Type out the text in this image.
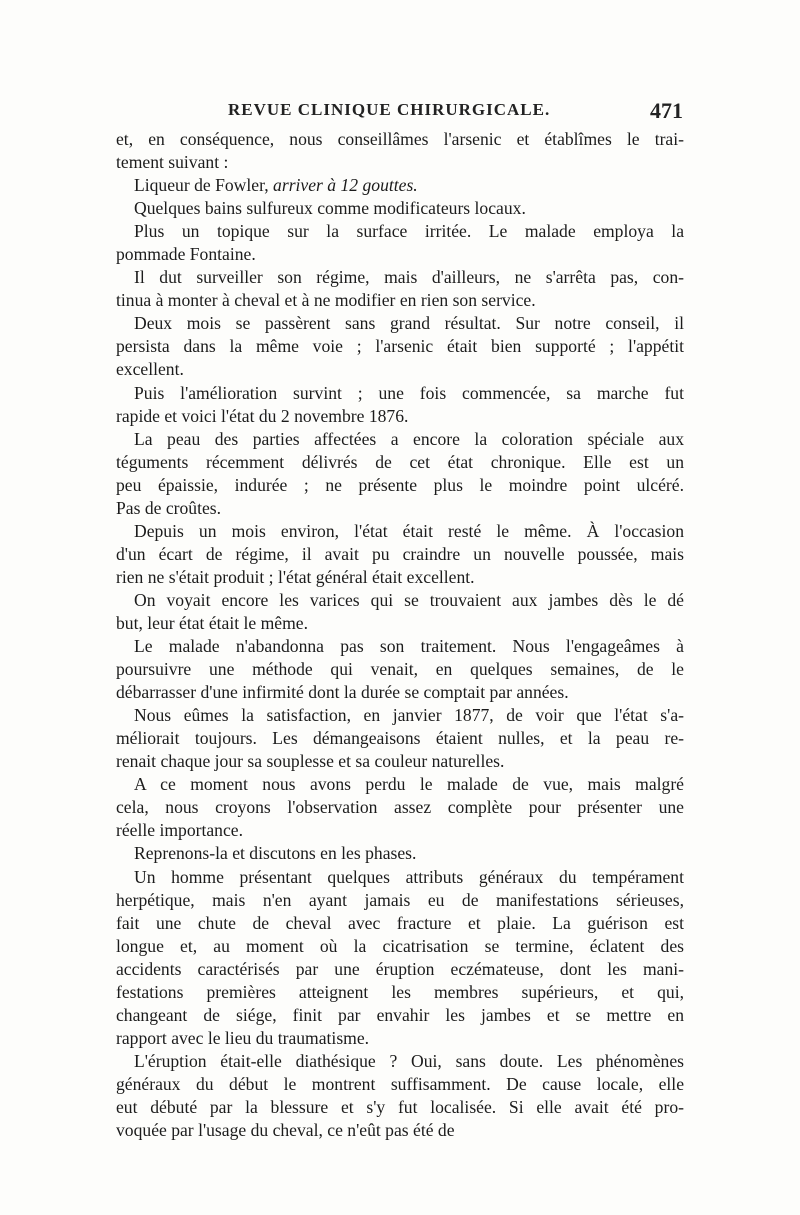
REVUE CLINIQUE CHIRURGICALE.	471
et, en conséquence, nous conseillâmes l'arsenic et établîmes le trai-
tement suivant :
Liqueur de Fowler, arriver à 12 gouttes.
Quelques bains sulfureux comme modificateurs locaux.
Plus un topique sur la surface irritée. Le malade employa la
pommade Fontaine.
Il dut surveiller son régime, mais d'ailleurs, ne s'arrêta pas, con-
tinua à monter à cheval et à ne modifier en rien son service.
Deux mois se passèrent sans grand résultat. Sur notre conseil, il
persista dans la même voie ; l'arsenic était bien supporté ; l'appétit
excellent.
Puis l'amélioration survint ; une fois commencée, sa marche fut
rapide et voici l'état du 2 novembre 1876.
La peau des parties affectées a encore la coloration spéciale aux
téguments récemment délivrés de cet état chronique. Elle est un
peu épaissie, indurée ; ne présente plus le moindre point ulcéré.
Pas de croûtes.
Depuis un mois environ, l'état était resté le même. À l'occasion
d'un écart de régime, il avait pu craindre un nouvelle poussée, mais
rien ne s'était produit ; l'état général était excellent.
On voyait encore les varices qui se trouvaient aux jambes dès le dé
but, leur état était le même.
Le malade n'abandonna pas son traitement. Nous l'engageâmes à
poursuivre une méthode qui venait, en quelques semaines, de le
débarrasser d'une infirmité dont la durée se comptait par années.
Nous eûmes la satisfaction, en janvier 1877, de voir que l'état s'a-
méliorait toujours. Les démangeaisons étaient nulles, et la peau re-
renait chaque jour sa souplesse et sa couleur naturelles.
A ce moment nous avons perdu le malade de vue, mais malgré
cela, nous croyons l'observation assez complète pour présenter une
réelle importance.
Reprenons-la et discutons en les phases.
Un homme présentant quelques attributs généraux du tempérament
herpétique, mais n'en ayant jamais eu de manifestations sérieuses,
fait une chute de cheval avec fracture et plaie. La guérison est
longue et, au moment où la cicatrisation se termine, éclatent des
accidents caractérisés par une éruption eczémateuse, dont les mani-
festations premières atteignent les membres supérieurs, et qui,
changeant de siége, finit par envahir les jambes et se mettre en
rapport avec le lieu du traumatisme.
L'éruption était-elle diathésique ? Oui, sans doute. Les phénomènes
généraux du début le montrent suffisamment. De cause locale, elle
eut débuté par la blessure et s'y fut localisée. Si elle avait été pro-
voquée par l'usage du cheval, ce n'eût pas été de
